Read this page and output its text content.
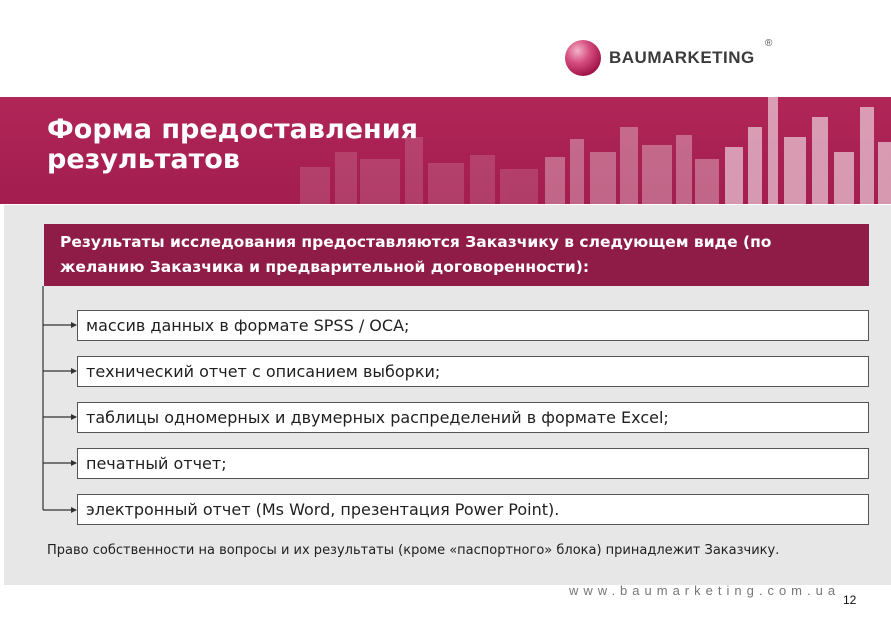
BAUMARKETING
®
Форма предоставления
результатов
Результаты исследования предоставляются Заказчику в следующем виде (по желанию Заказчика и предварительной договоренности):
массив данных в формате SPSS / OCA;
технический отчет с описанием выборки;
таблицы одномерных и двумерных распределений в формате Excel;
печатный отчет;
электронный отчет (Ms Word, презентация Power Point).

Право собственности на вопросы и их результаты (кроме «паспортного» блока) принадлежит Заказчику.

www.baumarketing.com.ua
12
